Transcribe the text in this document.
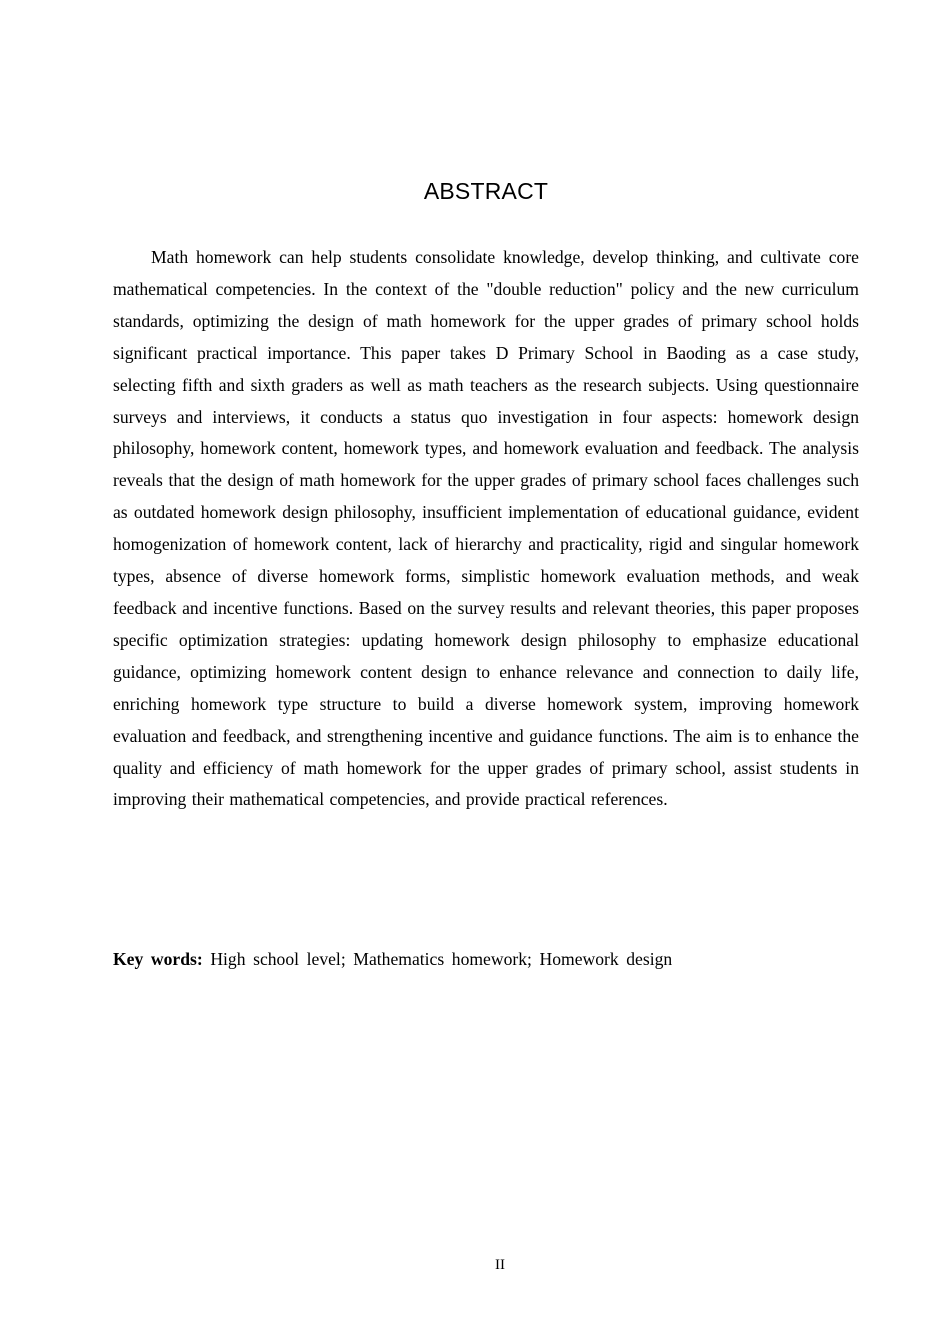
ABSTRACT

Math homework can help students consolidate knowledge, develop thinking, and cultivate core mathematical competencies. In the context of the "double reduction" policy and the new curriculum standards, optimizing the design of math homework for the upper grades of primary school holds significant practical importance. This paper takes D Primary School in Baoding as a case study, selecting fifth and sixth graders as well as math teachers as the research subjects. Using questionnaire surveys and interviews, it conducts a status quo investigation in four aspects: homework design philosophy, homework content, homework types, and homework evaluation and feedback. The analysis reveals that the design of math homework for the upper grades of primary school faces challenges such as outdated homework design philosophy, insufficient implementation of educational guidance, evident homogenization of homework content, lack of hierarchy and practicality, rigid and singular homework types, absence of diverse homework forms, simplistic homework evaluation methods, and weak feedback and incentive functions. Based on the survey results and relevant theories, this paper proposes specific optimization strategies: updating homework design philosophy to emphasize educational guidance, optimizing homework content design to enhance relevance and connection to daily life, enriching homework type structure to build a diverse homework system, improving homework evaluation and feedback, and strengthening incentive and guidance functions. The aim is to enhance the quality and efficiency of math homework for the upper grades of primary school, assist students in improving their mathematical competencies, and provide practical references.

Key words: High school level; Mathematics homework; Homework design

II
